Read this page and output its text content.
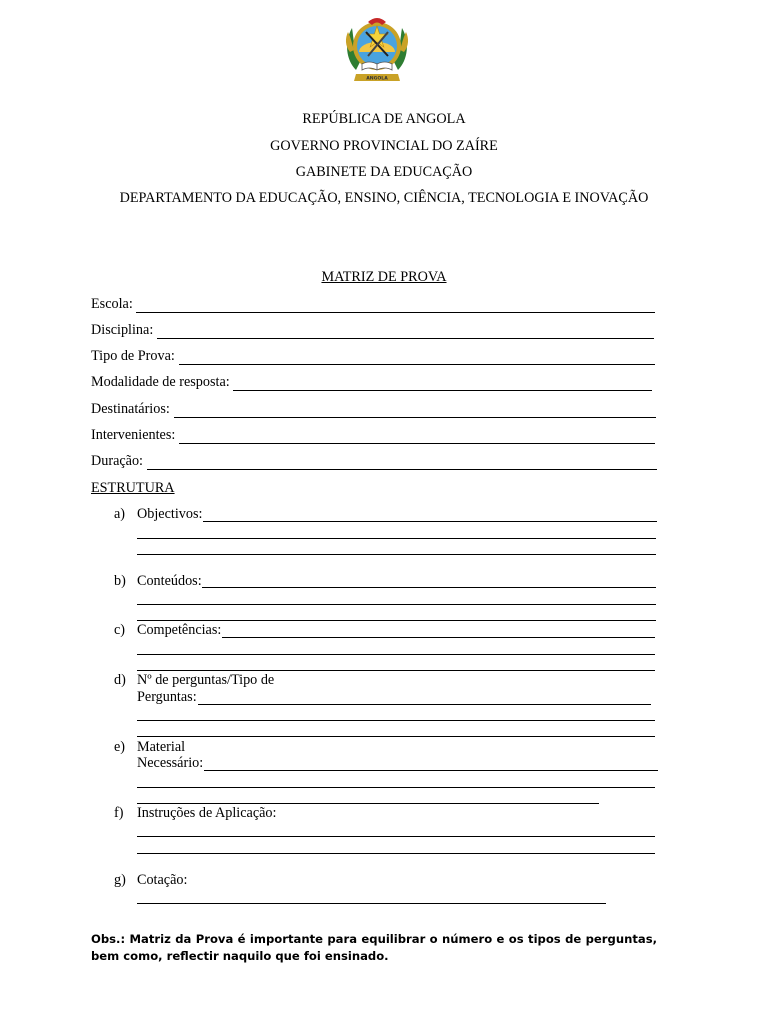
ANGOLA
REPÚBLICA DE ANGOLA
GOVERNO PROVINCIAL DO ZAÍRE
GABINETE DA EDUCAÇÃO
DEPARTAMENTO DA EDUCAÇÃO, ENSINO, CIÊNCIA, TECNOLOGIA E INOVAÇÃO
MATRIZ DE PROVA
Escola:
Disciplina:
Tipo de Prova:
Modalidade de resposta:
Destinatários:
Intervenientes:
Duração:
ESTRUTURA
a) Objectivos:
b) Conteúdos:
c) Competências:
d) Nº de perguntas/Tipo de
Perguntas:
e) Material
Necessário:
f) Instruções de Aplicação:
g) Cotação:
Obs.: Matriz da Prova é importante para equilibrar o número e os tipos de perguntas, bem como, reflectir naquilo que foi ensinado.
